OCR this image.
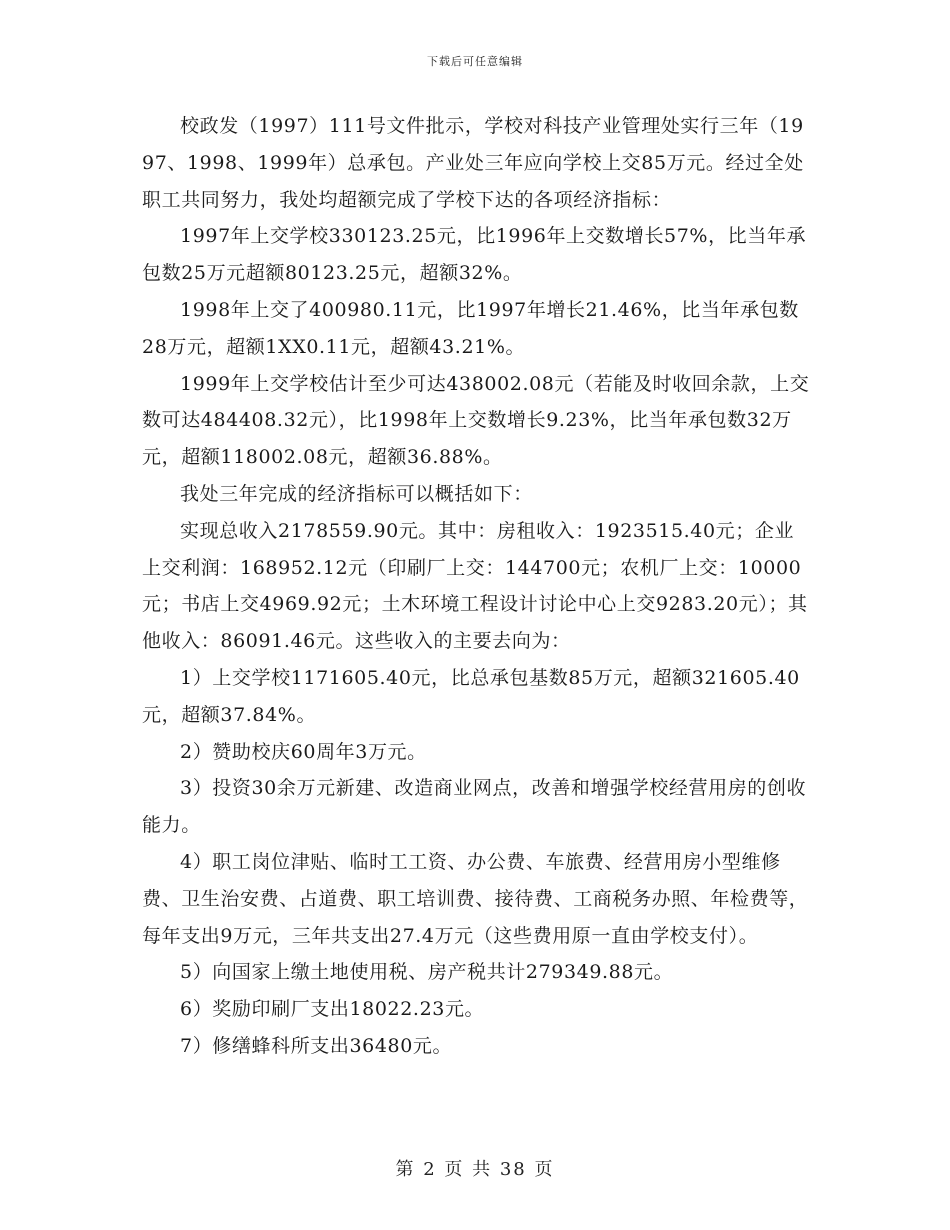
下载后可任意编辑

校政发（1997）111号文件批示，学校对科技产业管理处实行三年（1997、1998、1999年）总承包。产业处三年应向学校上交85万元。经过全处职工共同努力，我处均超额完成了学校下达的各项经济指标：

1997年上交学校330123.25元，比1996年上交数增长57%，比当年承包数25万元超额80123.25元，超额32%。

1998年上交了400980.11元，比1997年增长21.46%，比当年承包数28万元，超额1XX0.11元，超额43.21%。

1999年上交学校估计至少可达438002.08元（若能及时收回余款，上交数可达484408.32元），比1998年上交数增长9.23%，比当年承包数32万元，超额118002.08元，超额36.88%。

我处三年完成的经济指标可以概括如下：

实现总收入2178559.90元。其中：房租收入：1923515.40元；企业上交利润：168952.12元（印刷厂上交：144700元；农机厂上交：10000元；书店上交4969.92元；土木环境工程设计讨论中心上交9283.20元）；其他收入：86091.46元。这些收入的主要去向为：

1）上交学校1171605.40元，比总承包基数85万元，超额321605.40元，超额37.84%。

2）赞助校庆60周年3万元。

3）投资30余万元新建、改造商业网点，改善和增强学校经营用房的创收能力。

4）职工岗位津贴、临时工工资、办公费、车旅费、经营用房小型维修费、卫生治安费、占道费、职工培训费、接待费、工商税务办照、年检费等，每年支出9万元，三年共支出27.4万元（这些费用原一直由学校支付）。

5）向国家上缴土地使用税、房产税共计279349.88元。

6）奖励印刷厂支出18022.23元。

7）修缮蜂科所支出36480元。

第 2 页 共 38 页
